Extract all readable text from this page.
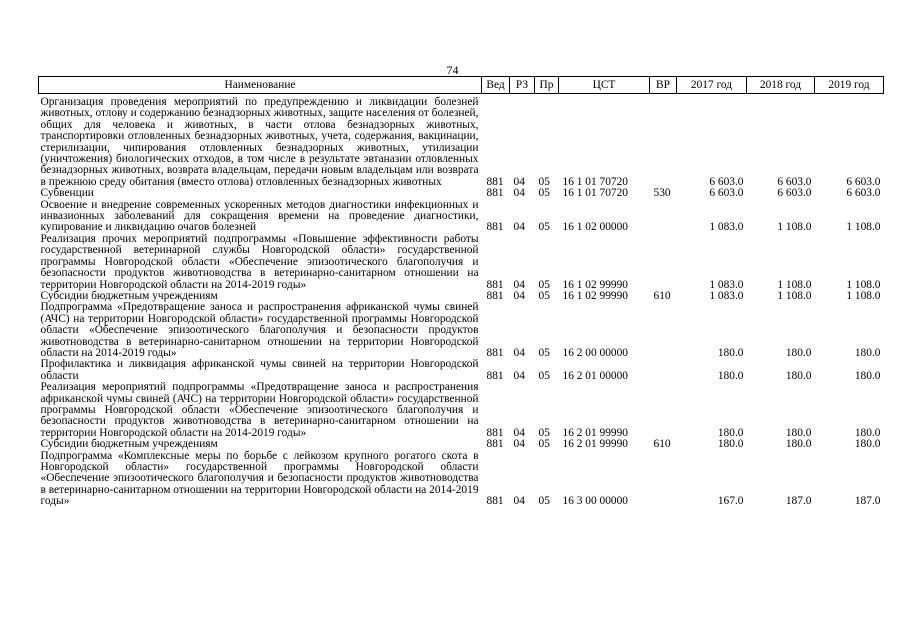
74
Наименование	Вед	РЗ	Пр	ЦСТ	ВР	2017 год	2018 год	2019 год

Организация проведения мероприятий по предупреждению и ликвидации болезней животных, отлову и содержанию безнадзорных животных, защите населения от болезней, общих для человека и животных, в части отлова безнадзорных животных, транспортировки отловленных безнадзорных животных, учета, содержания, вакцинации, стерилизации, чипирования отловленных безнадзорных животных, утилизации (уничтожения) биологических отходов, в том числе в результате эвтаназии отловленных безнадзорных животных, возврата владельцам, передачи новым владельцам или возврата в прежнюю среду обитания (вместо отлова) отловленных безнадзорных животных	881	04	05	16 1 01 70720		6 603.0	6 603.0	6 603.0
Субвенции	881	04	05	16 1 01 70720	530	6 603.0	6 603.0	6 603.0
Освоение и внедрение современных ускоренных методов диагностики инфекционных и инвазионных заболеваний для сокращения времени на проведение диагностики, купирование и ликвидацию очагов болезней	881	04	05	16 1 02 00000		1 083.0	1 108.0	1 108.0
Реализация прочих мероприятий подпрограммы «Повышение эффективности работы государственной ветеринарной службы Новгородской области» государственной программы Новгородской области «Обеспечение эпизоотического благополучия и безопасности продуктов животноводства в ветеринарно-санитарном отношении на территории Новгородской области на 2014-2019 годы»	881	04	05	16 1 02 99990		1 083.0	1 108.0	1 108.0
Субсидии бюджетным учреждениям	881	04	05	16 1 02 99990	610	1 083.0	1 108.0	1 108.0
Подпрограмма «Предотвращение заноса и распространения африканской чумы свиней (АЧС) на территории Новгородской области» государственной программы Новгородской области «Обеспечение эпизоотического благополучия и безопасности продуктов животноводства в ветеринарно-санитарном отношении на территории Новгородской области на 2014-2019 годы»	881	04	05	16 2 00 00000		180.0	180.0	180.0
Профилактика и ликвидация африканской чумы свиней на территории Новгородской области	881	04	05	16 2 01 00000		180.0	180.0	180.0
Реализация мероприятий подпрограммы «Предотвращение заноса и распространения африканской чумы свиней (АЧС) на территории Новгородской области» государственной программы Новгородской области «Обеспечение эпизоотического благополучия и безопасности продуктов животноводства в ветеринарно-санитарном отношении на территории Новгородской области на 2014-2019 годы»	881	04	05	16 2 01 99990		180.0	180.0	180.0
Субсидии бюджетным учреждениям	881	04	05	16 2 01 99990	610	180.0	180.0	180.0
Подпрограмма «Комплексные меры по борьбе с лейкозом крупного рогатого скота в Новгородской области» государственной программы Новгородской области «Обеспечение эпизоотического благополучия и безопасности продуктов животноводства в ветеринарно-санитарном отношении на территории Новгородской области на 2014-2019 годы»	881	04	05	16 3 00 00000		167.0	187.0	187.0
